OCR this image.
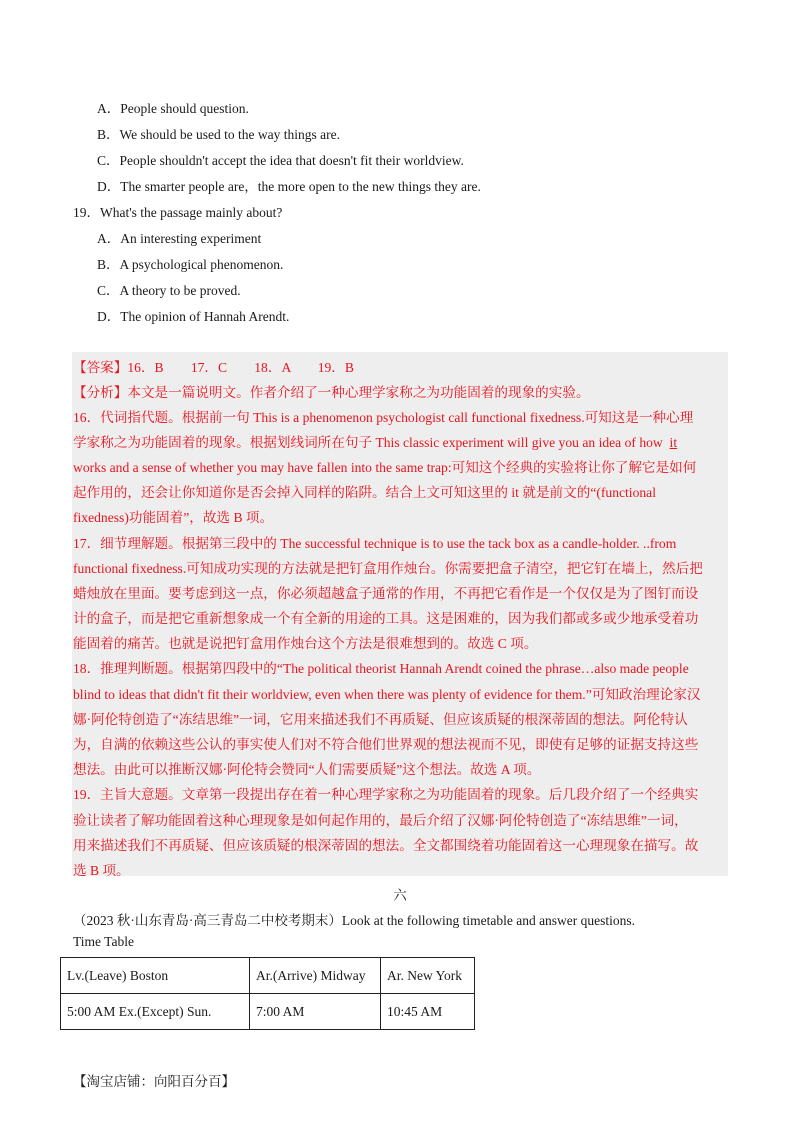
A．People should question.
B．We should be used to the way things are.
C．People shouldn't accept the idea that doesn't fit their worldview.
D．The smarter people are，the more open to the new things they are.
19．What's the passage mainly about?
A．An interesting experiment
B．A psychological phenomenon.
C．A theory to be proved.
D．The opinion of Hannah Arendt.
【答案】16．B　　17．C　　18．A　　19．B
【分析】本文是一篇说明文。作者介绍了一种心理学家称之为功能固着的现象的实验。
16．代词指代题。根据前一句 This is a phenomenon psychologist call functional fixedness.可知这是一种心理
学家称之为功能固着的现象。根据划线词所在句子 This classic experiment will give you an idea of how it
works and a sense of whether you may have fallen into the same trap:可知这个经典的实验将让你了解它是如何
起作用的，还会让你知道你是否会掉入同样的陷阱。结合上文可知这里的 it 就是前文的“(functional
fixedness)功能固着”，故选 B 项。
17．细节理解题。根据第三段中的 The successful technique is to use the tack box as a candle-holder. ..from
functional fixedness.可知成功实现的方法就是把钉盒用作烛台。你需要把盒子清空，把它钉在墙上，然后把
蜡烛放在里面。要考虑到这一点，你必须超越盒子通常的作用，不再把它看作是一个仅仅是为了图钉而设
计的盒子，而是把它重新想象成一个有全新的用途的工具。这是困难的，因为我们都或多或少地承受着功
能固着的痛苦。也就是说把钉盒用作烛台这个方法是很难想到的。故选 C 项。
18．推理判断题。根据第四段中的“The political theorist Hannah Arendt coined the phrase…also made people
blind to ideas that didn't fit their worldview, even when there was plenty of evidence for them.”可知政治理论家汉
娜·阿伦特创造了“冻结思维”一词，它用来描述我们不再质疑、但应该质疑的根深蒂固的想法。阿伦特认
为，自满的依赖这些公认的事实使人们对不符合他们世界观的想法视而不见，即使有足够的证据支持这些
想法。由此可以推断汉娜·阿伦特会赞同“人们需要质疑”这个想法。故选 A 项。
19．主旨大意题。文章第一段提出存在着一种心理学家称之为功能固着的现象。后几段介绍了一个经典实
验让读者了解功能固着这种心理现象是如何起作用的，最后介绍了汉娜·阿伦特创造了“冻结思维”一词，
用来描述我们不再质疑、但应该质疑的根深蒂固的想法。全文都围绕着功能固着这一心理现象在描写。故
选 B 项。
六
（2023 秋·山东青岛·高三青岛二中校考期末）Look at the following timetable and answer questions.
Time Table
Lv.(Leave) Boston	Ar.(Arrive) Midway	Ar. New York
5:00 AM Ex.(Except) Sun.	7:00 AM	10:45 AM
【淘宝店铺：向阳百分百】
